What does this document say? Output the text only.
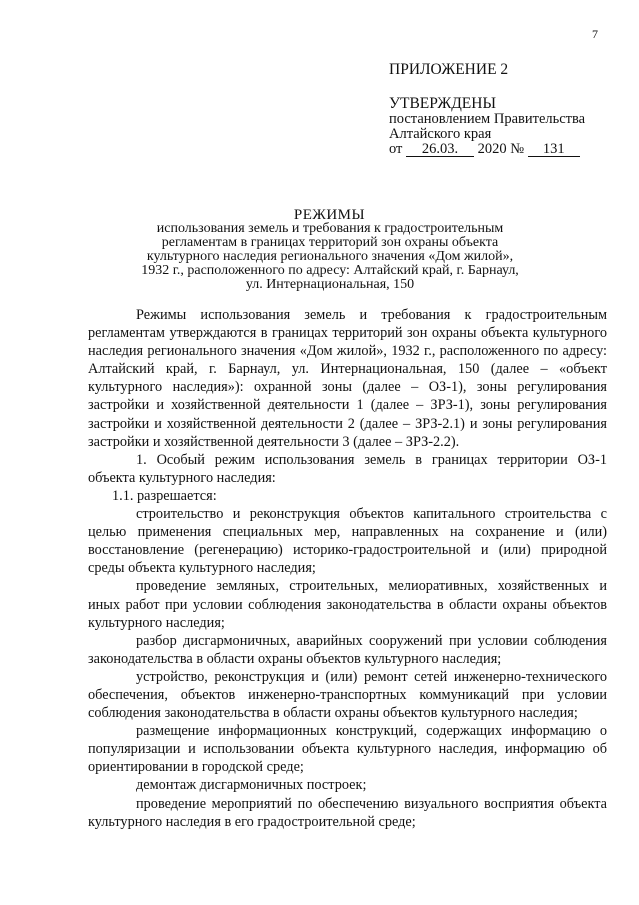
7
ПРИЛОЖЕНИЕ 2
УТВЕРЖДЕНЫ
постановлением Правительства
Алтайского края
от 26.03. 2020 № 131
РЕЖИМЫ
использования земель и требования к градостроительным
регламентам в границах территорий зон охраны объекта
культурного наследия регионального значения «Дом жилой»,
1932 г., расположенного по адресу: Алтайский край, г. Барнаул,
ул. Интернациональная, 150

Режимы использования земель и требования к градостроительным регламентам утверждаются в границах территорий зон охраны объекта культурного наследия регионального значения «Дом жилой», 1932 г., расположенного по адресу: Алтайский край, г. Барнаул, ул. Интернациональная, 150 (далее – «объект культурного наследия»): охранной зоны (далее – ОЗ-1), зоны регулирования застройки и хозяйственной деятельности 1 (далее – ЗРЗ-1), зоны регулирования застройки и хозяйственной деятельности 2 (далее – ЗРЗ-2.1) и зоны регулирования застройки и хозяйственной деятельности 3 (далее – ЗРЗ-2.2).

1. Особый режим использования земель в границах территории ОЗ-1 объекта культурного наследия:

1.1. разрешается:

строительство и реконструкция объектов капитального строительства с целью применения специальных мер, направленных на сохранение и (или) восстановление (регенерацию) историко-градостроительной и (или) природной среды объекта культурного наследия;

проведение земляных, строительных, мелиоративных, хозяйственных и иных работ при условии соблюдения законодательства в области охраны объектов культурного наследия;

разбор дисгармоничных, аварийных сооружений при условии соблюдения законодательства в области охраны объектов культурного наследия;

устройство, реконструкция и (или) ремонт сетей инженерно-технического обеспечения, объектов инженерно-транспортных коммуникаций при условии соблюдения законодательства в области охраны объектов культурного наследия;

размещение информационных конструкций, содержащих информацию о популяризации и использовании объекта культурного наследия, информацию об ориентировании в городской среде;

демонтаж дисгармоничных построек;

проведение мероприятий по обеспечению визуального восприятия объекта культурного наследия в его градостроительной среде;
